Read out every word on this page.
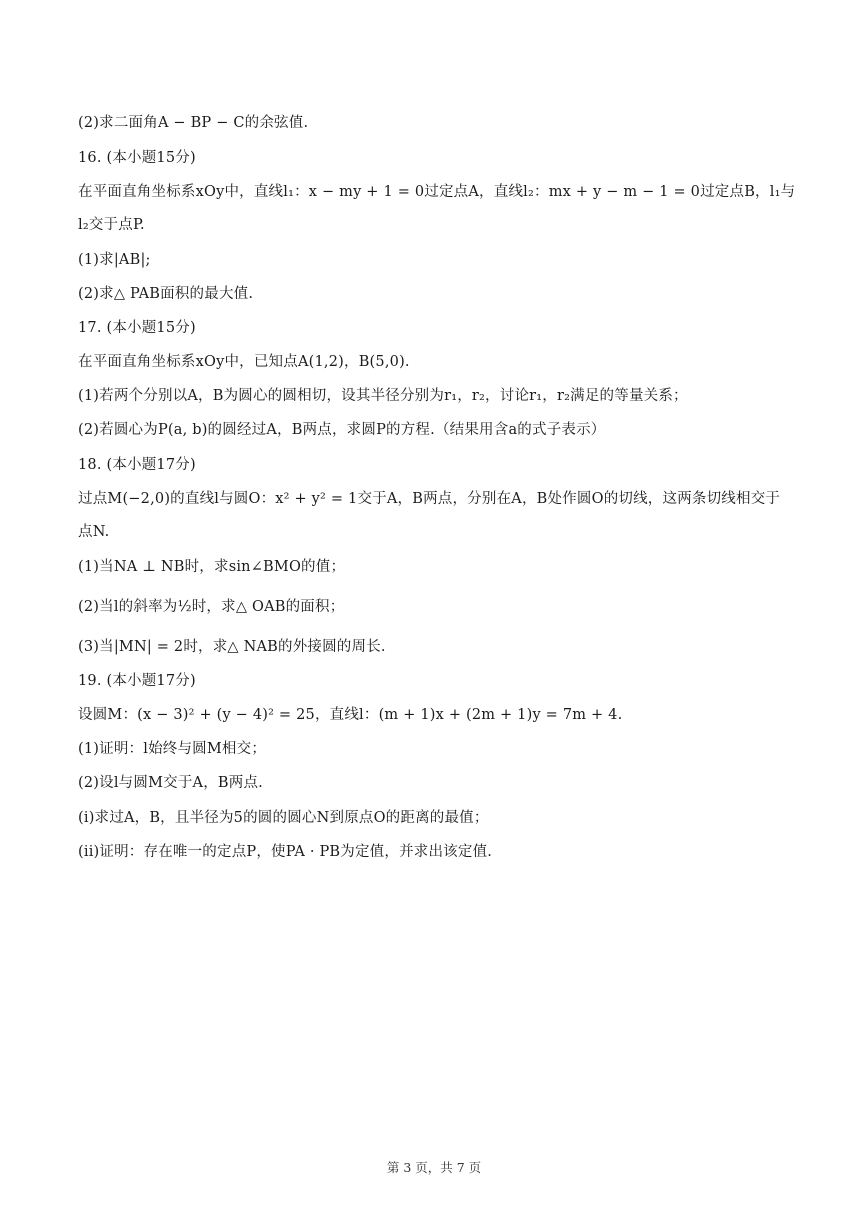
(2)求二面角A − BP − C的余弦值.
16. (本小题15分)
在平面直角坐标系xOy中，直线l₁：x − my + 1 = 0过定点A，直线l₂：mx + y − m − 1 = 0过定点B，l₁与
l₂交于点P.
(1)求|AB|;
(2)求△ PAB面积的最大值.
17. (本小题15分)
在平面直角坐标系xOy中，已知点A(1,2)，B(5,0).
(1)若两个分别以A，B为圆心的圆相切，设其半径分别为r₁，r₂，讨论r₁，r₂满足的等量关系；
(2)若圆心为P(a, b)的圆经过A，B两点，求圆P的方程.（结果用含a的式子表示）
18. (本小题17分)
过点M(−2,0)的直线l与圆O：x² + y² = 1交于A，B两点，分别在A，B处作圆O的切线，这两条切线相交于
点N.
(1)当NA ⊥ NB时，求sin∠BMO的值；
(2)当l的斜率为½时，求△ OAB的面积；
(3)当|MN| = 2时，求△ NAB的外接圆的周长.
19. (本小题17分)
设圆M：(x − 3)² + (y − 4)² = 25，直线l：(m + 1)x + (2m + 1)y = 7m + 4.
(1)证明：l始终与圆M相交；
(2)设l与圆M交于A，B两点.
(i)求过A，B，且半径为5的圆的圆心N到原点O的距离的最值；
(ii)证明：存在唯一的定点P，使PA · PB为定值，并求出该定值.
第 3 页，共 7 页
